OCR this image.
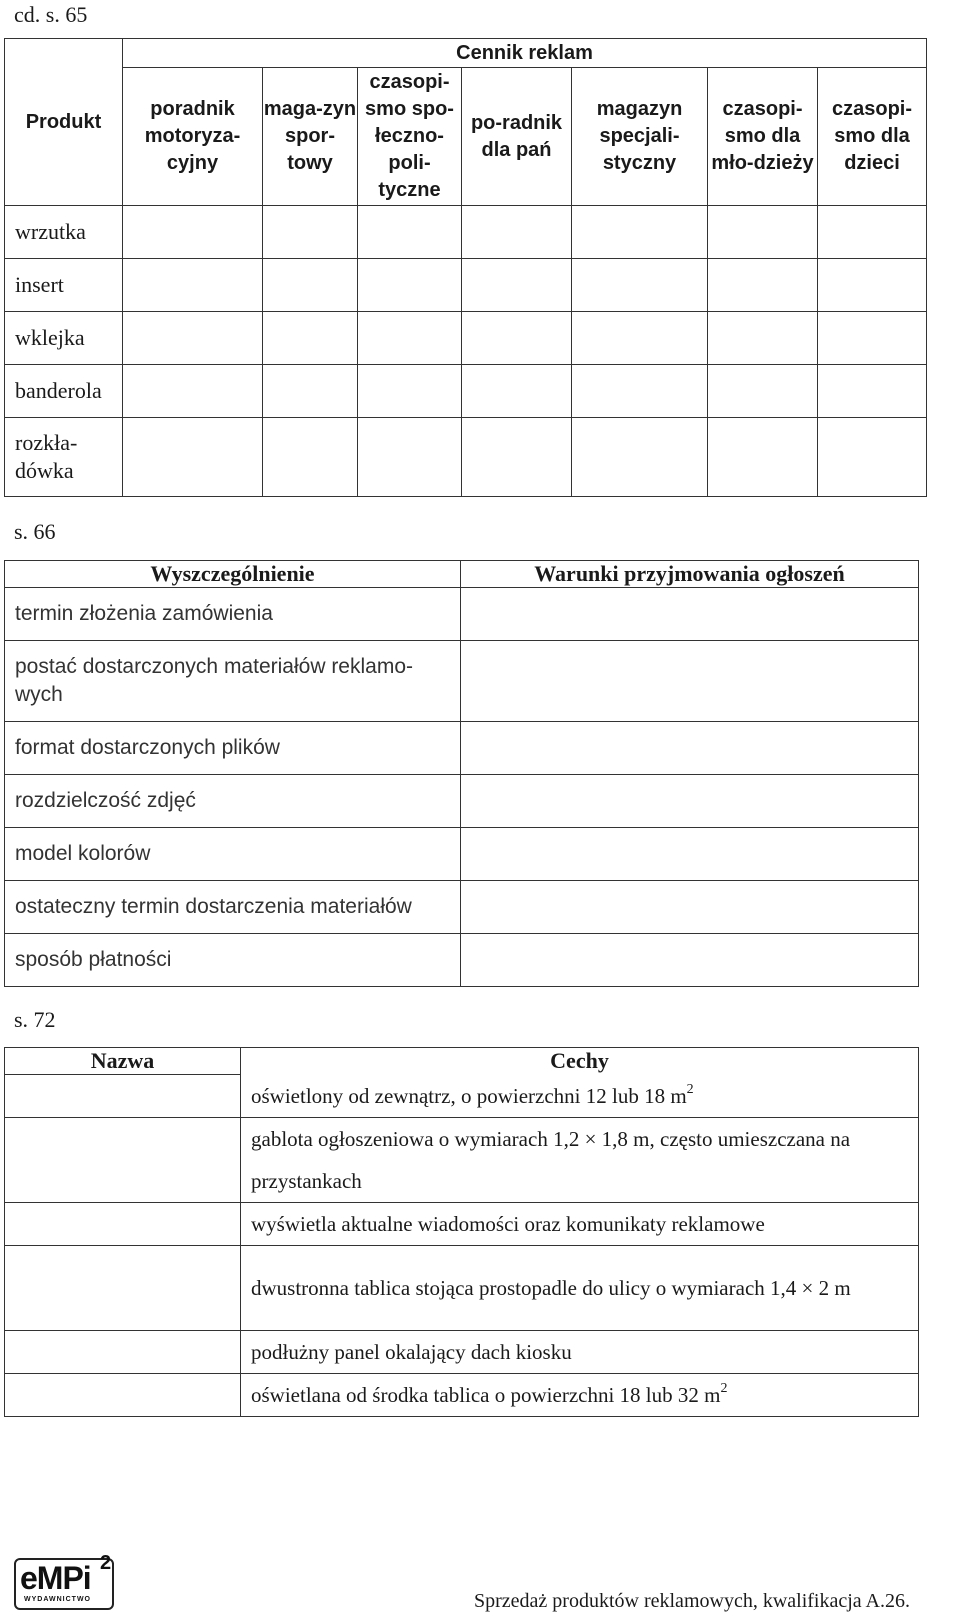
cd. s. 65
Produkt	Cennik reklam						
	poradnik motoryza-cyjny	maga-zyn spor-towy	czasopi-smo spo-łeczno-poli-tyczne	po-radnik dla pań	magazyn specjali-styczny	czasopi-smo dla mło-dzieży	czasopi-smo dla dzieci
wrzutka							
insert							
wklejka							
banderola							
rozkła-dówka							
s. 66
Wyszczególnienie	Warunki przyjmowania ogłoszeń
termin złożenia zamówienia	
postać dostarczonych materiałów reklamo-wych	
format dostarczonych plików	
rozdzielczość zdjęć	
model kolorów	
ostateczny termin dostarczenia materiałów	
sposób płatności	
s. 72
Nazwa	Cechy
	oświetlony od zewnątrz, o powierzchni 12 lub 18 $m^2$
	gablota ogłoszeniowa o wymiarach 1,2 × 1,8 m, często umieszczana na przystankach
	wyświetla aktualne wiadomości oraz komunikaty reklamowe
	dwustronna tablica stojąca prostopadle do ulicy o wymiarach 1,4 × 2 m
	podłużny panel okalający dach kiosku
	oświetlana od środka tablica o powierzchni 18 lub 32 $m^2$
eMPi 2
WYDAWNICTWO	Sprzedaż produktów reklamowych, kwalifikacja A.26.
